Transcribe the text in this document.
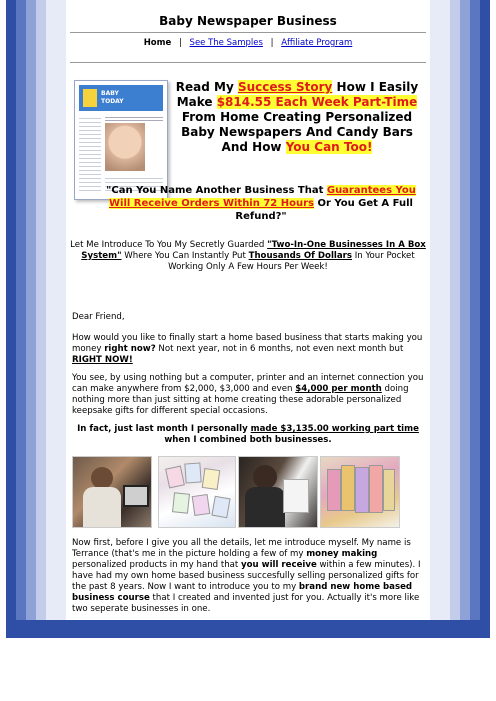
Baby Newspaper Business
Home | See The Samples | Affiliate Program
BABY
TODAY
Read My Success Story How I Easily Make $814.55 Each Week Part-Time From Home Creating Personalized Baby Newspapers And Candy Bars And How You Can Too!
"Can You Name Another Business That Guarantees You Will Receive Orders Within 72 Hours Or You Get A Full Refund?"
Let Me Introduce To You My Secretly Guarded "Two-In-One Businesses In A Box System" Where You Can Instantly Put Thousands Of Dollars In Your Pocket Working Only A Few Hours Per Week!
Dear Friend,
How would you like to finally start a home based business that starts making you money right now? Not next year, not in 6 months, not even next month but RIGHT NOW!
You see, by using nothing but a computer, printer and an internet connection you can make anywhere from $2,000, $3,000 and even $4,000 per month doing nothing more than just sitting at home creating these adorable personalized keepsake gifts for different special occasions.
In fact, just last month I personally made $3,135.00 working part time when I combined both businesses.
Now first, before I give you all the details, let me introduce myself. My name is Terrance (that's me in the picture holding a few of my money making personalized products in my hand that you will receive within a few minutes). I have had my own home based business succesfully selling personalized gifts for the past 8 years. Now I want to introduce you to my brand new home based business course that I created and invented just for you. Actually it's more like two seperate businesses in one.
